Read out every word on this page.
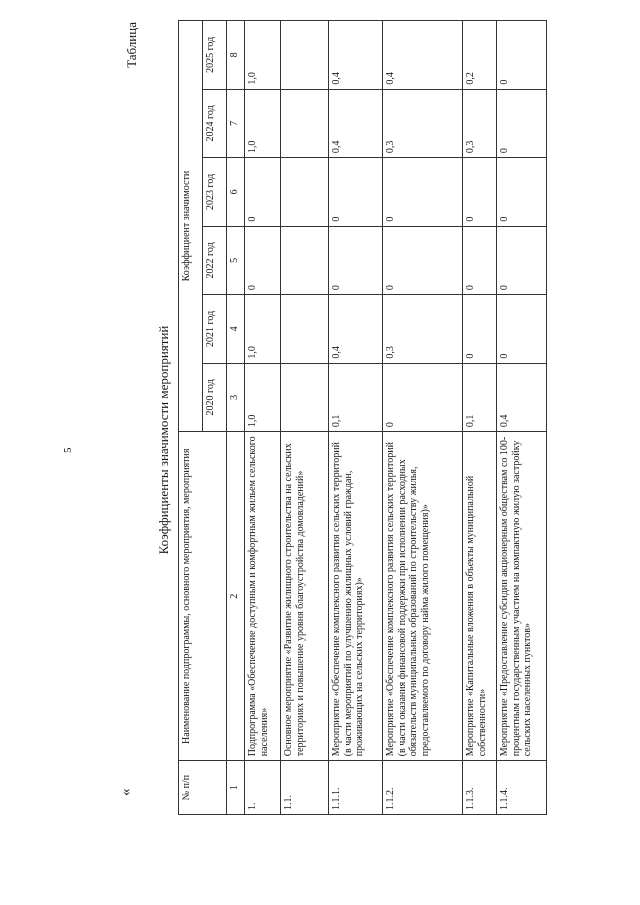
5
«
Таблица
Коэффициенты значимости мероприятий
№ п/п	Наименование подпрограммы, основного мероприятия, мероприятия	Коэффициент значимости					
		2020 год	2021 год	2022 год	2023 год	2024 год	2025 год
1	2	3	4	5	6	7	8
1.	Подпрограмма «Обеспечение доступным и комфортным жильем сельского населения»	1,0	1,0	0	0	1,0	1,0
1.1.	Основное мероприятие «Развитие жилищного строительства на сельских территориях и повышение уровня благоустройства домовладений»						
1.1.1.	Мероприятие «Обеспечение комплексного развития сельских территорий (в части мероприятий по улучшению жилищных условий граждан, проживающих на сельских территориях)»	0,1	0,4	0	0	0,4	0,4
1.1.2.	Мероприятие «Обеспечение комплексного развития сельских территорий (в части оказания финансовой поддержки при исполнении расходных обязательств муниципальных образований по строительству жилья, предоставляемого по договору найма жилого помещения)»	0	0,3	0	0	0,3	0,4
1.1.3.	Мероприятие «Капитальные вложения в объекты муниципальной собственности»	0,1	0	0	0	0,3	0,2
1.1.4.	Мероприятие «Предоставление субсидии акционерным обществам со 100-процентным государственным участием на компактную жилую застройку сельских населенных пунктов»	0,4	0	0	0	0	0
